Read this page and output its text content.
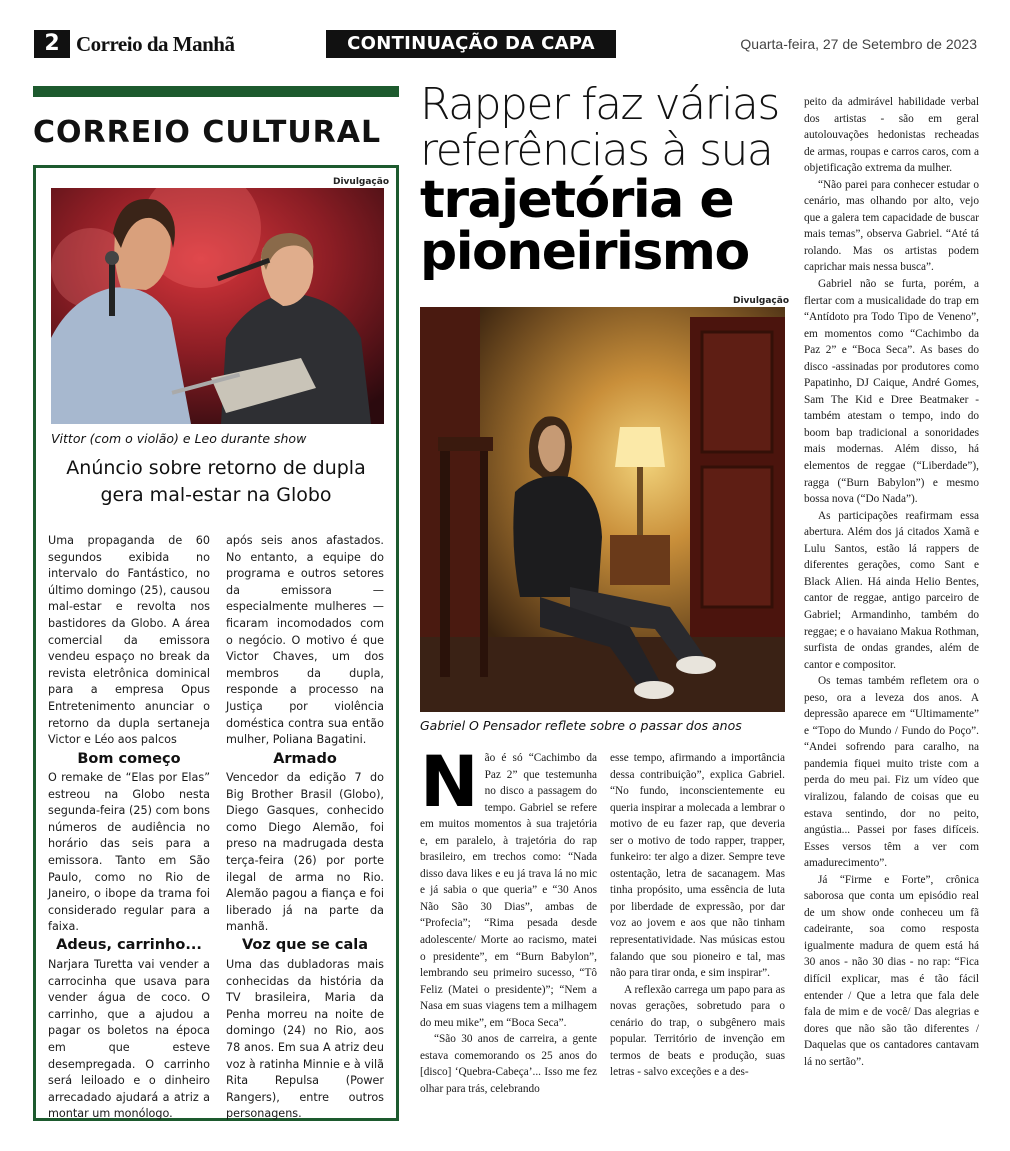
2 Correio da Manhã	CONTINUAÇÃO DA CAPA	Quarta-feira, 27 de Setembro de 2023
CORREIO CULTURAL
Divulgação
Vittor (com o violão) e Leo durante show
Anúncio sobre retorno de dupla gera mal-estar na Globo
Uma propaganda de 60 segundos exibida no intervalo do Fantástico, no último domingo (25), causou mal-estar e revolta nos bastidores da Globo. A área comercial da emissora vendeu espaço no break da revista eletrônica dominical para a empresa Opus Entretenimento anunciar o retorno da dupla sertaneja Victor e Léo aos palcos
após seis anos afastados. No entanto, a equipe do programa e outros setores da emissora — especialmente mulheres — ficaram incomodados com o negócio. O motivo é que Victor Chaves, um dos membros da dupla, responde a processo na Justiça por violência doméstica contra sua então mulher, Poliana Bagatini.
Bom começo
O remake de “Elas por Elas” estreou na Globo nesta segunda-feira (25) com bons números de audiência no horário das seis para a emissora. Tanto em São Paulo, como no Rio de Janeiro, o ibope da trama foi considerado regular para a faixa.
Armado
Vencedor da edição 7 do Big Brother Brasil (Globo), Diego Gasques, conhecido como Diego Alemão, foi preso na madrugada desta terça-feira (26) por porte ilegal de arma no Rio. Alemão pagou a fiança e foi liberado já na parte da manhã.
Adeus, carrinho...
Narjara Turetta vai vender a carrocinha que usava para vender água de coco. O carrinho, que a ajudou a pagar os boletos na época em que esteve desempregada. O carrinho será leiloado e o dinheiro arrecadado ajudará a atriz a montar um monólogo.
Voz que se cala
Uma das dubladoras mais conhecidas da história da TV brasileira, Maria da Penha morreu na noite de domingo (24) no Rio, aos 78 anos. Em sua A atriz deu voz à ratinha Minnie e à vilã Rita Repulsa (Power Rangers), entre outros personagens.
Rapper faz várias referências à sua
trajetória e pioneirismo
Divulgação
Gabriel O Pensador reflete sobre o passar dos anos

Não é só “Cachimbo da Paz 2” que testemunha no disco a passagem do tempo. Gabriel se refere em muitos momentos à sua trajetória e, em paralelo, à trajetória do rap brasileiro, em trechos como: “Nada disso dava likes e eu já trava lá no mic e já sabia o que queria” e “30 Anos Não São 30 Dias”, ambas de “Profecia”; “Rima pesada desde adolescente/ Morte ao racismo, matei o presidente”, em “Burn Babylon”, lembrando seu primeiro sucesso, “Tô Feliz (Matei o presidente)”; “Nem a Nasa em suas viagens tem a milhagem do meu mike”, em “Boca Seca”.

“São 30 anos de carreira, a gente estava comemorando os 25 anos do [disco] ‘Quebra-Cabeça’... Isso me fez olhar para trás, celebrando

esse tempo, afirmando a importância dessa contribuição”, explica Gabriel. “No fundo, inconscientemente eu queria inspirar a molecada a lembrar o motivo de eu fazer rap, que deveria ser o motivo de todo rapper, trapper, funkeiro: ter algo a dizer. Sempre teve ostentação, letra de sacanagem. Mas tinha propósito, uma essência de luta por liberdade de expressão, por dar voz ao jovem e aos que não tinham representatividade. Nas músicas estou falando que sou pioneiro e tal, mas não para tirar onda, e sim inspirar”.

A reflexão carrega um papo para as novas gerações, sobretudo para o cenário do trap, o subgênero mais popular. Território de invenção em termos de beats e produção, suas letras - salvo exceções e a des-

peito da admirável habilidade verbal dos artistas - são em geral autolouvações hedonistas recheadas de armas, roupas e carros caros, com a objetificação extrema da mulher.

“Não parei para conhecer estudar o cenário, mas olhando por alto, vejo que a galera tem capacidade de buscar mais temas”, observa Gabriel. “Até tá rolando. Mas os artistas podem caprichar mais nessa busca”.

Gabriel não se furta, porém, a flertar com a musicalidade do trap em “Antídoto pra Todo Tipo de Veneno”, em momentos como “Cachimbo da Paz 2” e “Boca Seca”. As bases do disco -assinadas por produtores como Papatinho, DJ Caique, André Gomes, Sam The Kid e Dree Beatmaker - também atestam o tempo, indo do boom bap tradicional a sonoridades mais modernas. Além disso, há elementos de reggae (“Liberdade”), ragga (“Burn Babylon”) e mesmo bossa nova (“Do Nada”).

As participações reafirmam essa abertura. Além dos já citados Xamã e Lulu Santos, estão lá rappers de diferentes gerações, como Sant e Black Alien. Há ainda Helio Bentes, cantor de reggae, antigo parceiro de Gabriel; Armandinho, também do reggae; e o havaiano Makua Rothman, surfista de ondas grandes, além de cantor e compositor.

Os temas também refletem ora o peso, ora a leveza dos anos. A depressão aparece em “Ultimamente” e “Topo do Mundo / Fundo do Poço”. “Andei sofrendo para caralho, na pandemia fiquei muito triste com a perda do meu pai. Fiz um vídeo que viralizou, falando de coisas que eu estava sentindo, dor no peito, angústia... Passei por fases difíceis. Esses versos têm a ver com amadurecimento”.

Já “Firme e Forte”, crônica saborosa que conta um episódio real de um show onde conheceu um fã cadeirante, soa como resposta igualmente madura de quem está há 30 anos - não 30 dias - no rap: “Fica difícil explicar, mas é tão fácil entender / Que a letra que fala dele fala de mim e de você/ Das alegrias e dores que não são tão diferentes / Daquelas que os cantadores cantavam lá no sertão”.
